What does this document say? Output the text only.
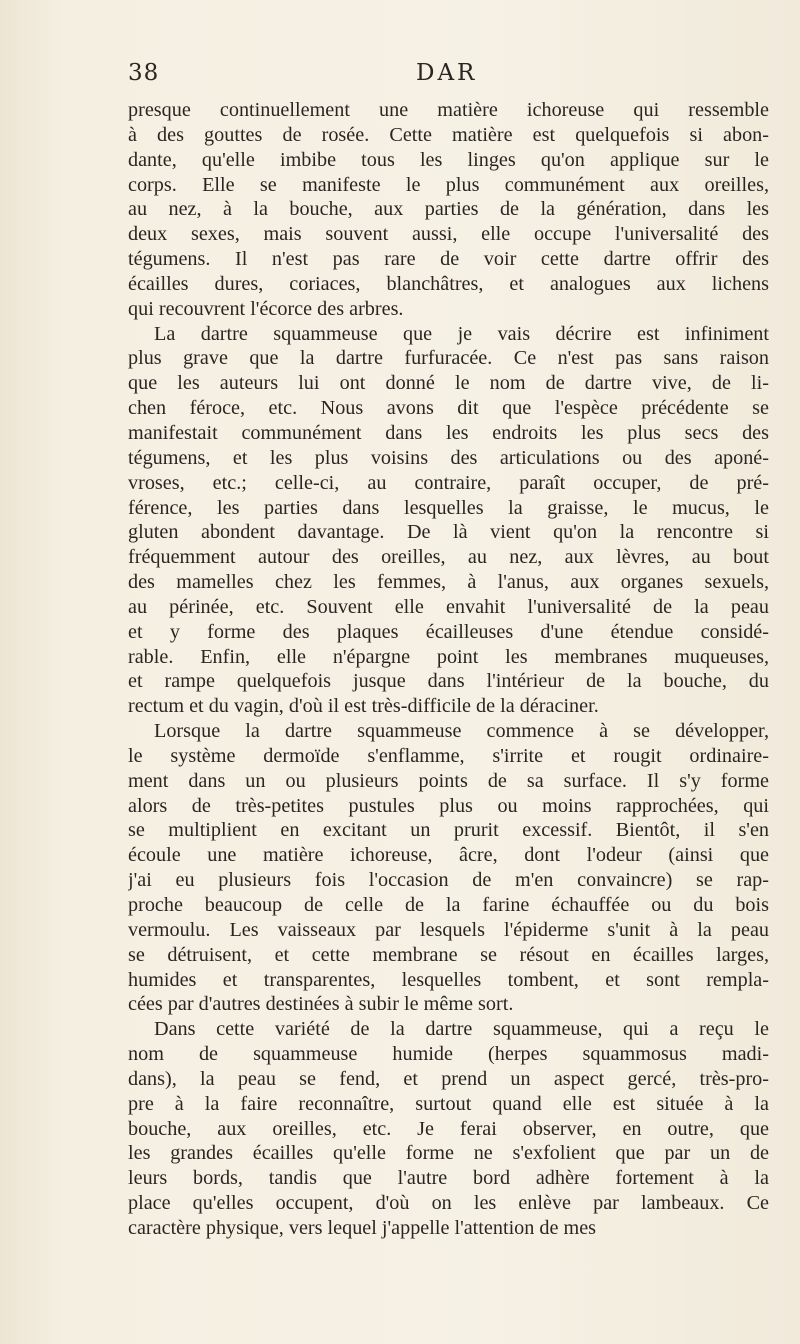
38	DAR
presque continuellement une matière ichoreuse qui ressemble
à des gouttes de rosée. Cette matière est quelquefois si abon-
dante, qu'elle imbibe tous les linges qu'on applique sur le
corps. Elle se manifeste le plus communément aux oreilles,
au nez, à la bouche, aux parties de la génération, dans les
deux sexes, mais souvent aussi, elle occupe l'universalité des
tégumens. Il n'est pas rare de voir cette dartre offrir des
écailles dures, coriaces, blanchâtres, et analogues aux lichens
qui recouvrent l'écorce des arbres.
La dartre squammeuse que je vais décrire est infiniment
plus grave que la dartre furfuracée. Ce n'est pas sans raison
que les auteurs lui ont donné le nom de dartre vive, de li-
chen féroce, etc. Nous avons dit que l'espèce précédente se
manifestait communément dans les endroits les plus secs des
tégumens, et les plus voisins des articulations ou des aponé-
vroses, etc.; celle-ci, au contraire, paraît occuper, de pré-
férence, les parties dans lesquelles la graisse, le mucus, le
gluten abondent davantage. De là vient qu'on la rencontre si
fréquemment autour des oreilles, au nez, aux lèvres, au bout
des mamelles chez les femmes, à l'anus, aux organes sexuels,
au périnée, etc. Souvent elle envahit l'universalité de la peau
et y forme des plaques écailleuses d'une étendue considé-
rable. Enfin, elle n'épargne point les membranes muqueuses,
et rampe quelquefois jusque dans l'intérieur de la bouche, du
rectum et du vagin, d'où il est très-difficile de la déraciner.
Lorsque la dartre squammeuse commence à se développer,
le système dermoïde s'enflamme, s'irrite et rougit ordinaire-
ment dans un ou plusieurs points de sa surface. Il s'y forme
alors de très-petites pustules plus ou moins rapprochées, qui
se multiplient en excitant un prurit excessif. Bientôt, il s'en
écoule une matière ichoreuse, âcre, dont l'odeur (ainsi que
j'ai eu plusieurs fois l'occasion de m'en convaincre) se rap-
proche beaucoup de celle de la farine échauffée ou du bois
vermoulu. Les vaisseaux par lesquels l'épiderme s'unit à la peau
se détruisent, et cette membrane se résout en écailles larges,
humides et transparentes, lesquelles tombent, et sont rempla-
cées par d'autres destinées à subir le même sort.
Dans cette variété de la dartre squammeuse, qui a reçu le
nom de squammeuse humide (herpes squammosus madi-
dans), la peau se fend, et prend un aspect gercé, très-pro-
pre à la faire reconnaître, surtout quand elle est située à la
bouche, aux oreilles, etc. Je ferai observer, en outre, que
les grandes écailles qu'elle forme ne s'exfolient que par un de
leurs bords, tandis que l'autre bord adhère fortement à la
place qu'elles occupent, d'où on les enlève par lambeaux. Ce
caractère physique, vers lequel j'appelle l'attention de mes
